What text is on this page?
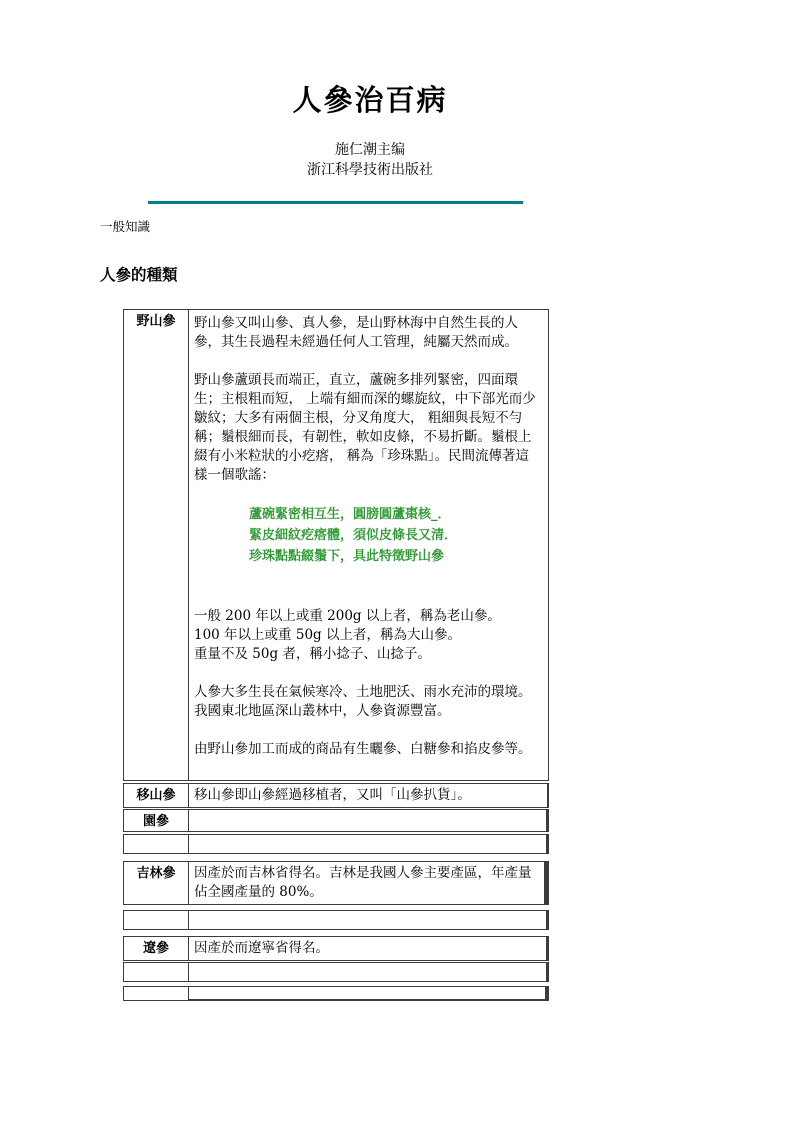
人參治百病
施仁潮主编
浙江科學技術出版社
一般知識
人參的種類
野山參	野山參又叫山參、真人參，是山野林海中自然生長的人參，其生長過程未經過任何人工管理，純屬天然而成。

野山參蘆頭長而端正，直立，蘆碗多排列緊密，四面環生；主根粗而短， 上端有細而深的螺旋紋，中下部光而少皺紋；大多有兩個主根，分叉角度大， 粗細與長短不勻稱；鬚根細而長，有韌性，軟如皮條，不易折斷。鬚根上綴有小米粒狀的小疙瘩， 稱為「珍珠點」。民間流傳著這樣一個歌謠：

蘆碗緊密相互生，圓膀圓蘆棗核_．
緊皮細紋疙瘩體，須似皮條長又清．
珍珠點點綴鬚下，具此特徵野山參
一般 200 年以上或重 200g 以上者，稱為老山參。
100 年以上或重 50g 以上者，稱為大山參。
重量不及 50g 者，稱小捻子、山捻子。

人參大多生長在氣候寒冷、土地肥沃、雨水充沛的環境。我國東北地區深山叢林中，人參資源豐富。

由野山參加工而成的商品有生曬參、白糖參和掐皮參等。

移山參	移山參即山參經過移植者，又叫「山參扒貨」。
園參
吉林參	因產於而吉林省得名。吉林是我國人參主要產區，年產量佔全國產量的 80%。
遼參	因產於而遼寧省得名。
